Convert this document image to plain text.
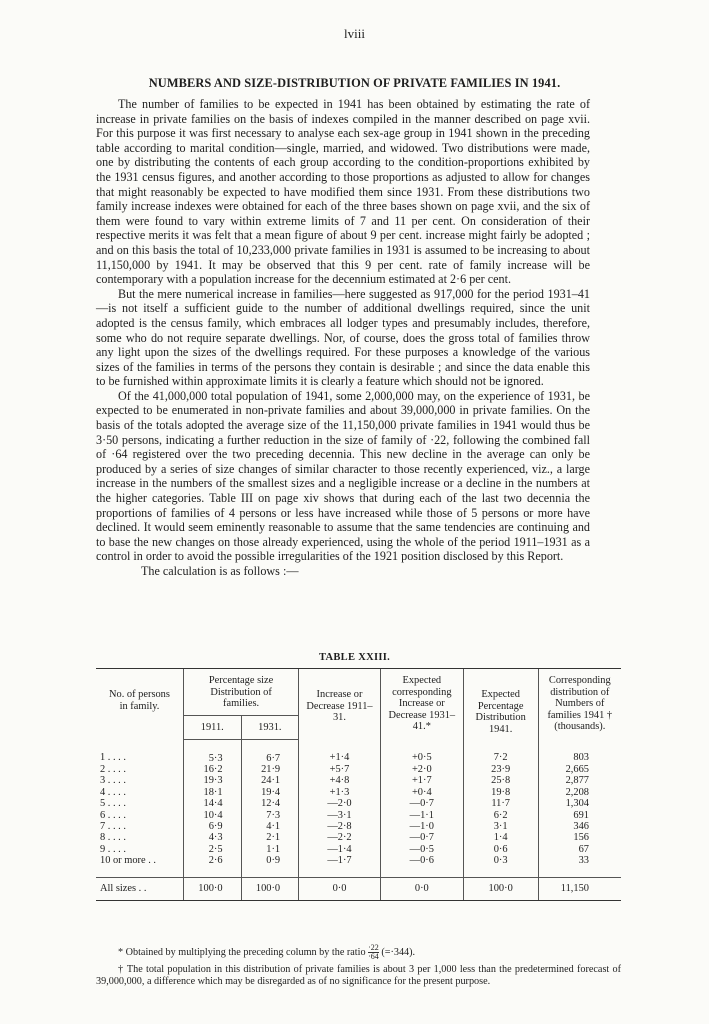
lviii
NUMBERS AND SIZE-DISTRIBUTION OF PRIVATE FAMILIES IN 1941.

The number of families to be expected in 1941 has been obtained by estimating the rate of increase in private families on the basis of indexes compiled in the manner described on page xvii. For this purpose it was first necessary to analyse each sex-age group in 1941 shown in the preceding table according to marital condition—single, married, and widowed. Two distributions were made, one by distributing the contents of each group according to the condition-proportions exhibited by the 1931 census figures, and another according to those proportions as adjusted to allow for changes that might reasonably be expected to have modified them since 1931. From these distributions two family increase indexes were obtained for each of the three bases shown on page xvii, and the six of them were found to vary within extreme limits of 7 and 11 per cent. On consideration of their respective merits it was felt that a mean figure of about 9 per cent. increase might fairly be adopted ; and on this basis the total of 10,233,000 private families in 1931 is assumed to be increasing to about 11,150,000 by 1941. It may be observed that this 9 per cent. rate of family increase will be contemporary with a population increase for the decennium estimated at 2·6 per cent.

But the mere numerical increase in families—here suggested as 917,000 for the period 1931–41—is not itself a sufficient guide to the number of additional dwellings required, since the unit adopted is the census family, which embraces all lodger types and presumably includes, therefore, some who do not require separate dwellings. Nor, of course, does the gross total of families throw any light upon the sizes of the dwellings required. For these purposes a knowledge of the various sizes of the families in terms of the persons they contain is desirable ; and since the data enable this to be furnished within approximate limits it is clearly a feature which should not be ignored.

Of the 41,000,000 total population of 1941, some 2,000,000 may, on the experience of 1931, be expected to be enumerated in non-private families and about 39,000,000 in private families. On the basis of the totals adopted the average size of the 11,150,000 private families in 1941 would thus be 3·50 persons, indicating a further reduction in the size of family of ·22, following the combined fall of ·64 registered over the two preceding decennia. This new decline in the average can only be produced by a series of size changes of similar character to those recently experienced, viz., a large increase in the numbers of the smallest sizes and a negligible increase or a decline in the numbers at the higher categories. Table III on page xiv shows that during each of the last two decennia the proportions of families of 4 persons or less have increased while those of 5 persons or more have declined. It would seem eminently reasonable to assume that the same tendencies are continuing and to base the new changes on those already experienced, using the whole of the period 1911–1931 as a control in order to avoid the possible irregularities of the 1921 position disclosed by this Report.

The calculation is as follows :—

TABLE XXIII.
No. of persons in family.	Percentage size Distribution of families.		Increase or Decrease 1911–31.	Expected corresponding Increase or Decrease 1931–41.*	Expected Percentage Distribution 1941.	Corresponding distribution of Numbers of families 1941 † (thousands).
	1911.	1931.				
1 . . . .	5·3	6·7	+1·4	+0·5	7·2	803
2 . . . .	16·2	21·9	+5·7	+2·0	23·9	2,665
3 . . . .	19·3	24·1	+4·8	+1·7	25·8	2,877
4 . . . .	18·1	19·4	+1·3	+0·4	19·8	2,208
5 . . . .	14·4	12·4	—2·0	—0·7	11·7	1,304
6 . . . .	10·4	7·3	—3·1	—1·1	6·2	691
7 . . . .	6·9	4·1	—2·8	—1·0	3·1	346
8 . . . .	4·3	2·1	—2·2	—0·7	1·4	156
9 . . . .	2·5	1·1	—1·4	—0·5	0·6	67
10 or more . .	2·6	0·9	—1·7	—0·6	0·3	33
All sizes . .	100·0	100·0	0·0	0·0	100·0	11,150

* Obtained by multiplying the preceding column by the ratio $\frac{\cdot 22}{\cdot 64} (=\cdot 344)$.

† The total population in this distribution of private families is about 3 per 1,000 less than the predetermined forecast of 39,000,000, a difference which may be disregarded as of no significance for the present purpose.
